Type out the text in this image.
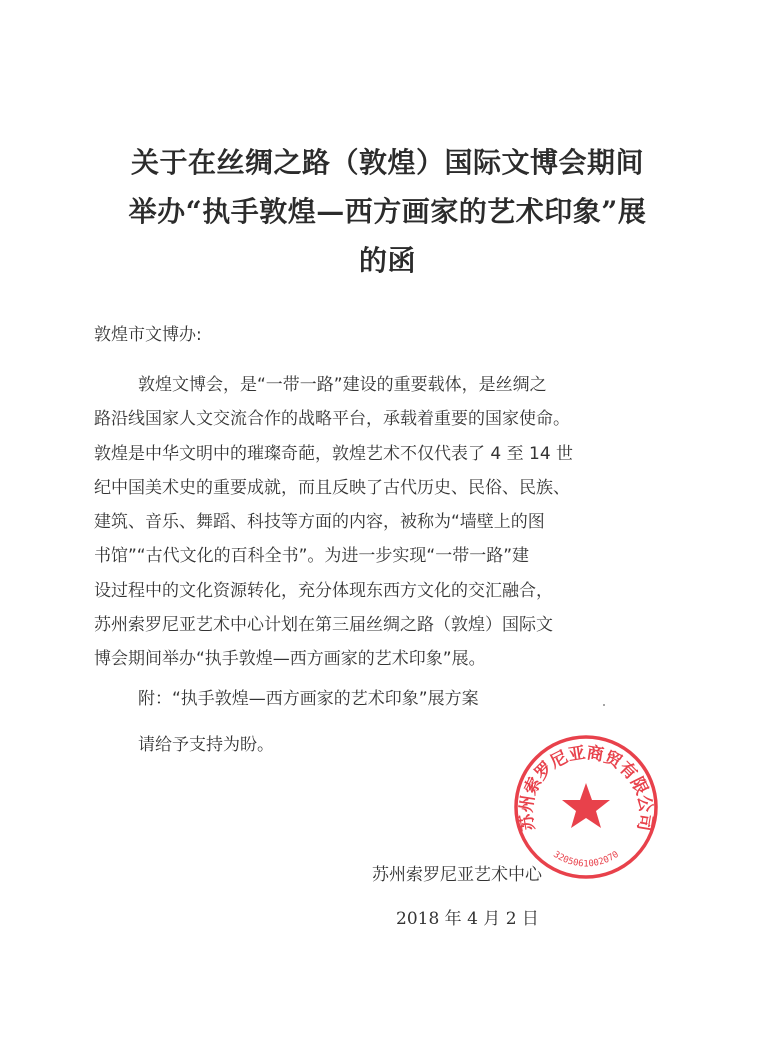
关于在丝绸之路（敦煌）国际文博会期间
举办“执手敦煌—西方画家的艺术印象”展
的函
敦煌市文博办:
敦煌文博会，是“一带一路”建设的重要载体，是丝绸之
路沿线国家人文交流合作的战略平台，承载着重要的国家使命。
敦煌是中华文明中的璀璨奇葩，敦煌艺术不仅代表了 4 至 14 世
纪中国美术史的重要成就，而且反映了古代历史、民俗、民族、
建筑、音乐、舞蹈、科技等方面的内容，被称为“墙壁上的图
书馆”“古代文化的百科全书”。为进一步实现“一带一路”建
设过程中的文化资源转化，充分体现东西方文化的交汇融合，
苏州索罗尼亚艺术中心计划在第三届丝绸之路（敦煌）国际文
博会期间举办“执手敦煌—西方画家的艺术印象”展。
附：“执手敦煌—西方画家的艺术印象”展方案
请给予支持为盼。
苏州索罗尼亚商贸有限公司
3205061002070
苏州索罗尼亚艺术中心
2018 年 4 月 2 日
